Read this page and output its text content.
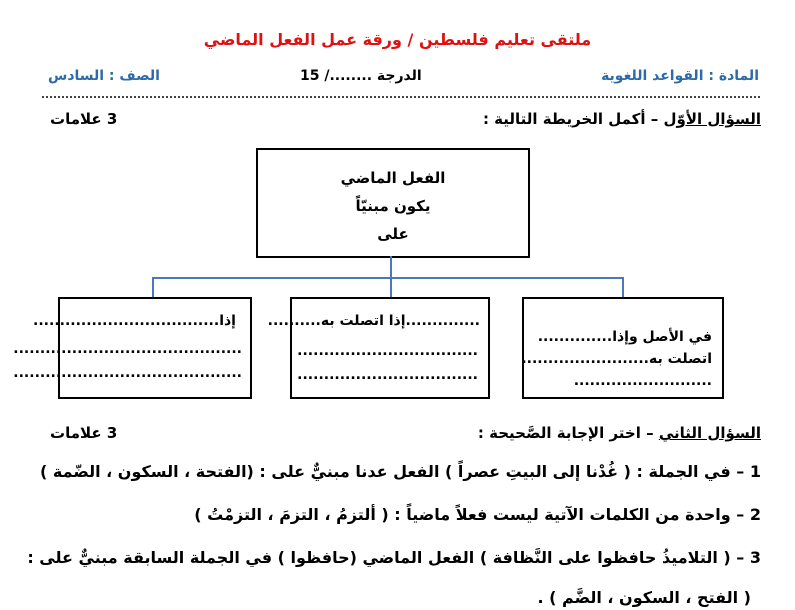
ملتقى تعليم فلسطين / ورقة عمل الفعل الماضي
المادة : القواعد اللغوية
الدرجة ......../ 15
الصف : السادس
السؤال الأوّل – أكمل الخريطة التالية :
3 علامات
الفعل الماضي
يكون مبنيّاً
على
إذا...................................
...........................................
...........................................
..............إذا اتصلت به..........
..................................
..................................
في الأصل وإذا..............
اتصلت به........................
..........................
السؤال الثاني – اختر الإجابة الصَّحيحة :
3 علامات
1 – في الجملة : ( غُدْنا إلى البيتِ عصراً ) الفعل عدنا مبنيٌّ على : (الفتحة ، السكون ، الضّمة )
2 – واحدة من الكلمات الآتية ليست فعلاً ماضياً : ( ألتزمُ ، التزمَ ، التزمْتُ )
3 – ( التلاميذُ حافظوا على النَّظافة ) الفعل الماضي (حافظوا ) في الجملة السابقة مبنيٌّ على :
( الفتح ، السكون ، الضَّم ) .
